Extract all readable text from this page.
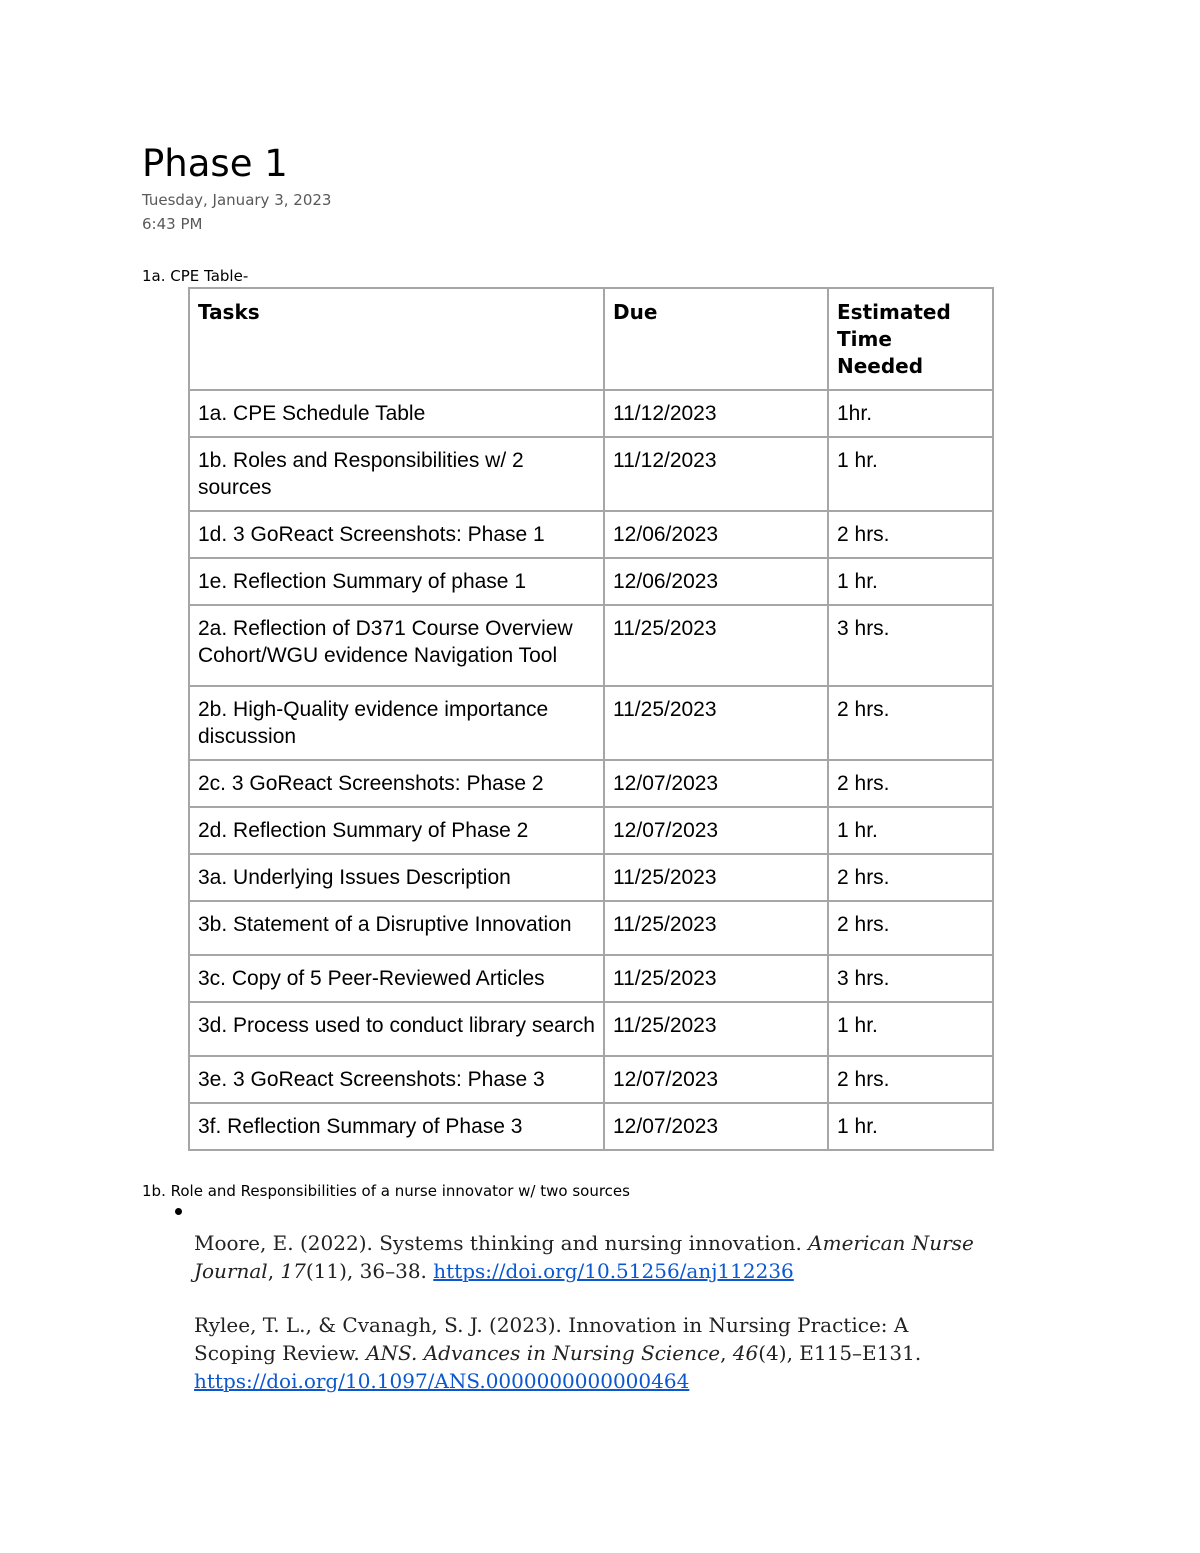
Phase 1
Tuesday, January 3, 2023
6:43 PM
1a. CPE Table-
Tasks	Due	Estimated Time Needed
1a. CPE Schedule Table	11/12/2023	1hr.
1b. Roles and Responsibilities w/ 2 sources	11/12/2023	1 hr.
1d. 3 GoReact Screenshots: Phase 1	12/06/2023	2 hrs.
1e. Reflection Summary of phase 1	12/06/2023	1 hr.
2a. Reflection of D371 Course Overview Cohort/WGU evidence Navigation Tool	11/25/2023	3 hrs.
2b. High-Quality evidence importance discussion	11/25/2023	2 hrs.
2c. 3 GoReact Screenshots: Phase 2	12/07/2023	2 hrs.
2d. Reflection Summary of Phase 2	12/07/2023	1 hr.
3a. Underlying Issues Description	11/25/2023	2 hrs.
3b. Statement of a Disruptive Innovation	11/25/2023	2 hrs.
3c. Copy of 5 Peer-Reviewed Articles	11/25/2023	3 hrs.
3d. Process used to conduct library search	11/25/2023	1 hr.
3e. 3 GoReact Screenshots: Phase 3	12/07/2023	2 hrs.
3f. Reflection Summary of Phase 3	12/07/2023	1 hr.
1b. Role and Responsibilities of a nurse innovator w/ two sources

Moore, E. (2022). Systems thinking and nursing innovation. American Nurse Journal, 17(11), 36–38. https://doi.org/10.51256/anj112236

Rylee, T. L., & Cvanagh, S. J. (2023). Innovation in Nursing Practice: A Scoping Review. ANS. Advances in Nursing Science, 46(4), E115–E131. https://doi.org/10.1097/ANS.0000000000000464
